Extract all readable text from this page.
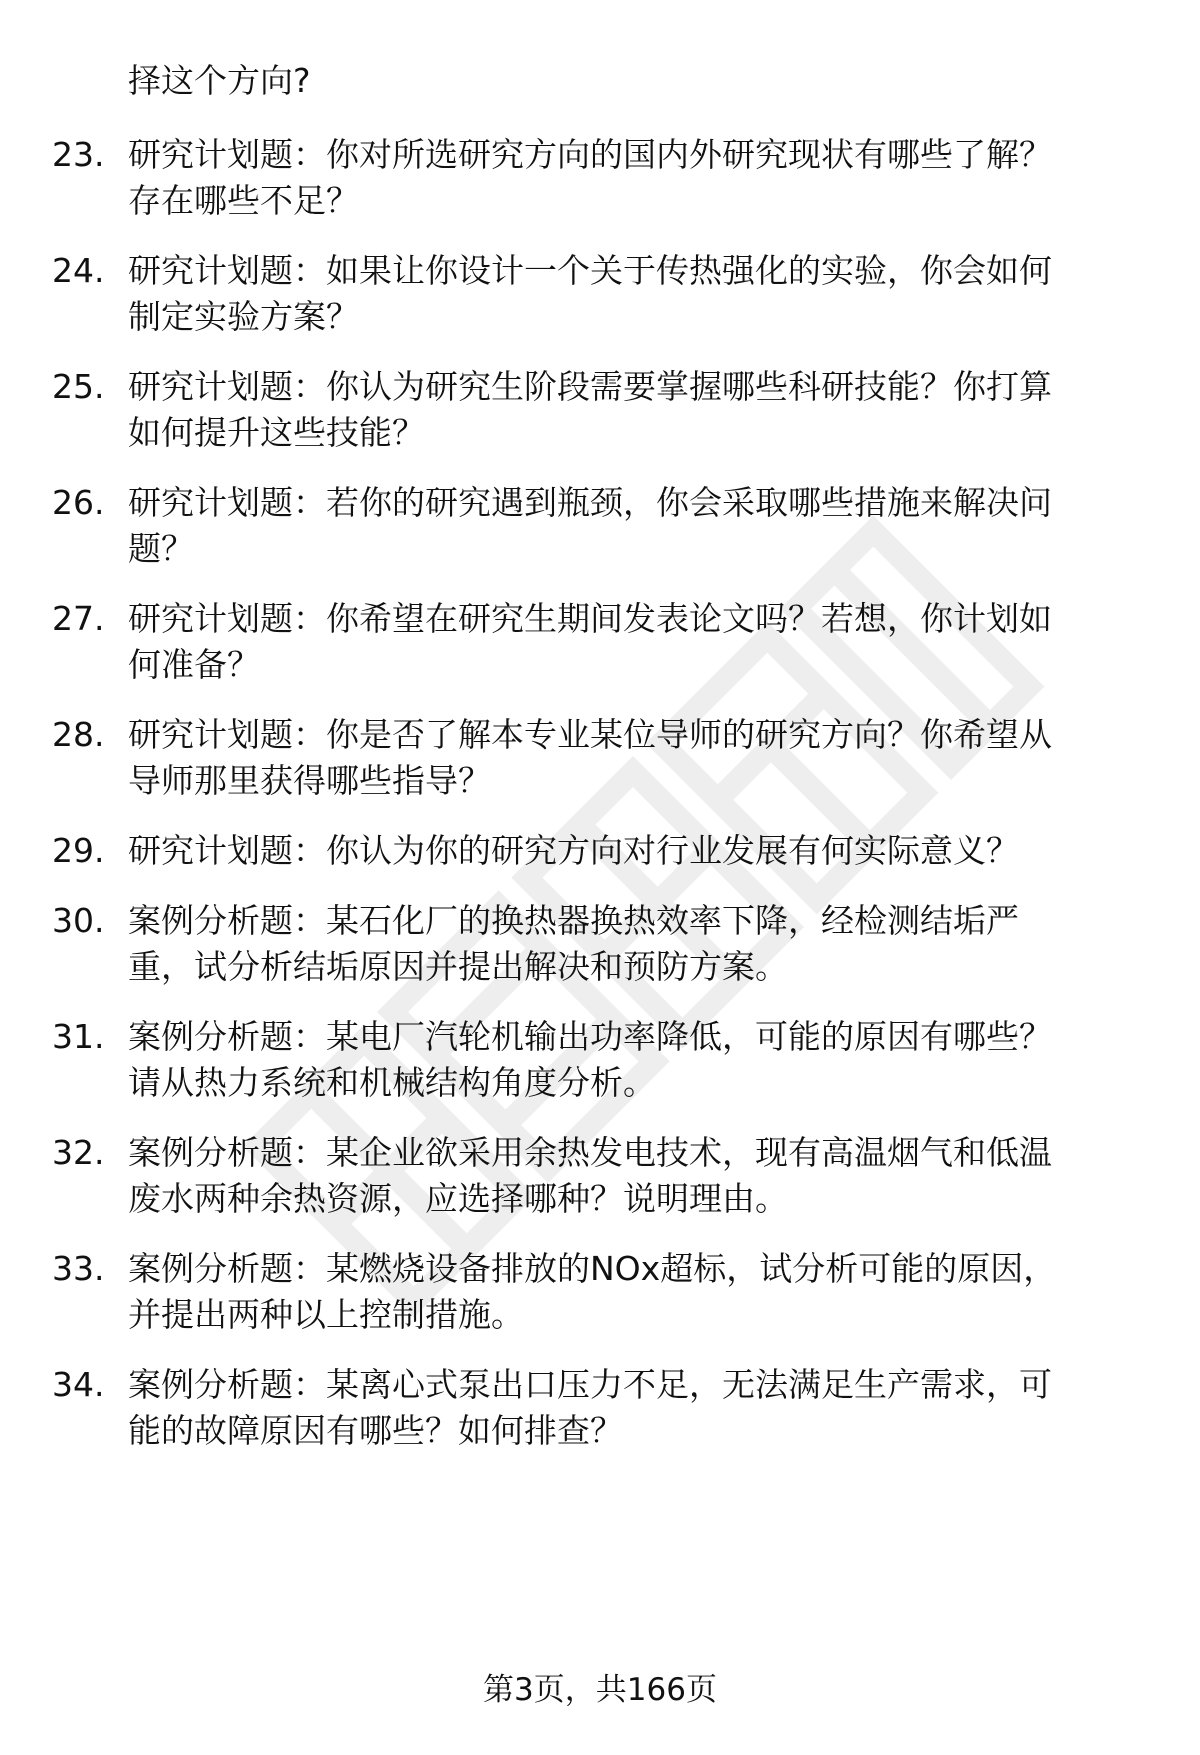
择这个方向?
23. 研究计划题：你对所选研究方向的国内外研究现状有哪些了解？
存在哪些不足？
24. 研究计划题：如果让你设计一个关于传热强化的实验，你会如何
制定实验方案？
25. 研究计划题：你认为研究生阶段需要掌握哪些科研技能？你打算
如何提升这些技能？
26. 研究计划题：若你的研究遇到瓶颈，你会采取哪些措施来解决问
题？
27. 研究计划题：你希望在研究生期间发表论文吗？若想，你计划如
何准备？
28. 研究计划题：你是否了解本专业某位导师的研究方向？你希望从
导师那里获得哪些指导？
29. 研究计划题：你认为你的研究方向对行业发展有何实际意义？
30. 案例分析题：某石化厂的换热器换热效率下降，经检测结垢严
重，试分析结垢原因并提出解决和预防方案。
31. 案例分析题：某电厂汽轮机输出功率降低，可能的原因有哪些？
请从热力系统和机械结构角度分析。
32. 案例分析题：某企业欲采用余热发电技术，现有高温烟气和低温
废水两种余热资源，应选择哪种？说明理由。
33. 案例分析题：某燃烧设备排放的NOx超标，试分析可能的原因，
并提出两种以上控制措施。
34. 案例分析题：某离心式泵出口压力不足，无法满足生产需求，可
能的故障原因有哪些？如何排查？
第3页，共166页
